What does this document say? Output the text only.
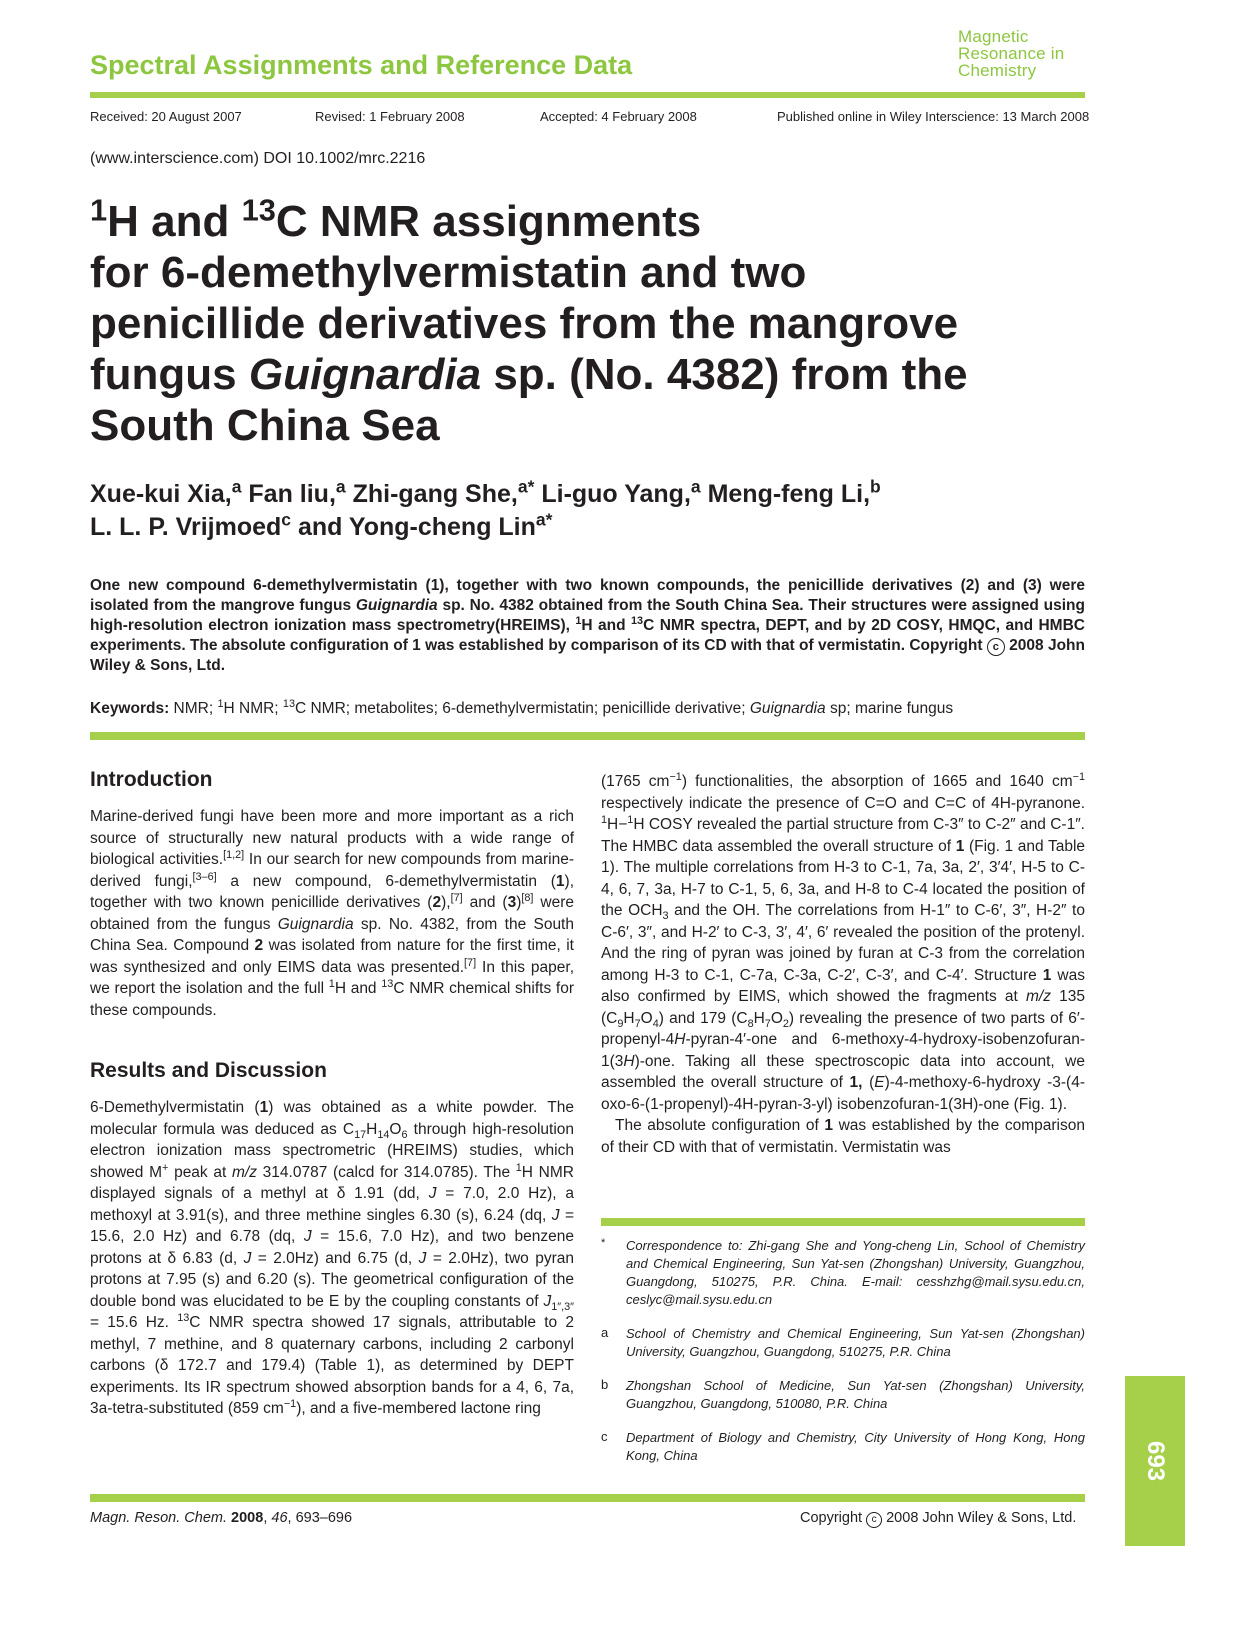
Spectral Assignments and Reference Data
Magnetic
Resonance in
Chemistry
Received: 20 August 2007	Revised: 1 February 2008	Accepted: 4 February 2008	Published online in Wiley Interscience: 13 March 2008
(www.interscience.com) DOI 10.1002/mrc.2216
$^1$H and $^{13}$C NMR assignments
for 6-demethylvermistatin and two
penicillide derivatives from the mangrove
fungus Guignardia sp. (No. 4382) from the
South China Sea
Xue-kui Xia,$^a$ Fan liu,$^a$ Zhi-gang She,$^{a*}$ Li-guo Yang,$^a$ Meng-feng Li,$^b$
L. L. P. Vrijmoed$^c$ and Yong-cheng Lin$^{a*}$
One new compound 6-demethylvermistatin (1), together with two known compounds, the penicillide derivatives (2) and (3) were isolated from the mangrove fungus Guignardia sp. No. 4382 obtained from the South China Sea. Their structures were assigned using high-resolution electron ionization mass spectrometry(HREIMS), $^1$H and $^{13}$C NMR spectra, DEPT, and by 2D COSY, HMQC, and HMBC experiments. The absolute configuration of 1 was established by comparison of its CD with that of vermistatin. Copyright c 2008 John Wiley & Sons, Ltd.
Keywords: NMR; $^1$H NMR; $^{13}$C NMR; metabolites; 6-demethylvermistatin; penicillide derivative; Guignardia sp; marine fungus
Introduction

Marine-derived fungi have been more and more important as a rich source of structurally new natural products with a wide range of biological activities.[1,2] In our search for new compounds from marine-derived fungi,[3–6] a new compound, 6-demethylvermistatin (1), together with two known penicillide derivatives (2),[7] and (3)[8] were obtained from the fungus Guignardia sp. No. 4382, from the South China Sea. Compound 2 was isolated from nature for the first time, it was synthesized and only EIMS data was presented.[7] In this paper, we report the isolation and the full $^1$H and $^{13}$C NMR chemical shifts for these compounds.

Results and Discussion

6-Demethylvermistatin (1) was obtained as a white powder. The molecular formula was deduced as $C_{17}H_{14}O_6$ through high-resolution electron ionization mass spectrometric (HREIMS) studies, which showed M+ peak at m/z 314.0787 (calcd for 314.0785). The $^1$H NMR displayed signals of a methyl at δ 1.91 (dd, J = 7.0, 2.0 Hz), a methoxyl at 3.91(s), and three methine singles 6.30 (s), 6.24 (dq, J = 15.6, 2.0 Hz) and 6.78 (dq, J = 15.6, 7.0 Hz), and two benzene protons at δ 6.83 (d, J = 2.0Hz) and 6.75 (d, J = 2.0Hz), two pyran protons at 7.95 (s) and 6.20 (s). The geometrical configuration of the double bond was elucidated to be E by the coupling constants of $J_{1'',3''} = 15.6$ Hz. $^{13}$C NMR spectra showed 17 signals, attributable to 2 methyl, 7 methine, and 8 quaternary carbons, including 2 carbonyl carbons (δ 172.7 and 179.4) (Table 1), as determined by DEPT experiments. Its IR spectrum showed absorption bands for a 4, 6, 7a, 3a-tetra-substituted (859 $cm^{-1}$), and a five-membered lactone ring

(1765 $cm^{-1}$) functionalities, the absorption of 1665 and 1640 $cm^{-1}$ respectively indicate the presence of C=O and C=C of 4H-pyranone. $^1$H−$^1$H COSY revealed the partial structure from C-3″ to C-2″ and C-1″. The HMBC data assembled the overall structure of 1 (Fig. 1 and Table 1). The multiple correlations from H-3 to C-1, 7a, 3a, 2′, 3′4′, H-5 to C-4, 6, 7, 3a, H-7 to C-1, 5, 6, 3a, and H-8 to C-4 located the position of the $OCH_3$ and the OH. The correlations from H-1″ to C-6′, 3″, H-2″ to C-6′, 3″, and H-2′ to C-3, 3′, 4′, 6′ revealed the position of the protenyl. And the ring of pyran was joined by furan at C-3 from the correlation among H-3 to C-1, C-7a, C-3a, C-2′, C-3′, and C-4′. Structure 1 was also confirmed by EIMS, which showed the fragments at m/z 135 $(C_9H_7O_4)$ and 179 $(C_8H_7O_2)$ revealing the presence of two parts of 6′-propenyl-4H-pyran-4′-one and 6-methoxy-4-hydroxy-isobenzofuran-1(3H)-one. Taking all these spectroscopic data into account, we assembled the overall structure of 1, (E)-4-methoxy-6-hydroxy -3-(4-oxo-6-(1-propenyl)-4H-pyran-3-yl) isobenzofuran-1(3H)-one (Fig. 1).

The absolute configuration of 1 was established by the comparison of their CD with that of vermistatin. Vermistatin was

*	Correspondence to: Zhi-gang She and Yong-cheng Lin, School of Chemistry and Chemical Engineering, Sun Yat-sen (Zhongshan) University, Guangzhou, Guangdong, 510275, P.R. China. E-mail: cesshzhg@mail.sysu.edu.cn, ceslyc@mail.sysu.edu.cn
a	School of Chemistry and Chemical Engineering, Sun Yat-sen (Zhongshan) University, Guangzhou, Guangdong, 510275, P.R. China
b	Zhongshan School of Medicine, Sun Yat-sen (Zhongshan) University, Guangzhou, Guangdong, 510080, P.R. China
c	Department of Biology and Chemistry, City University of Hong Kong, Hong Kong, China	693
Magn. Reson. Chem. 2008, 46, 693–696	Copyright c 2008 John Wiley & Sons, Ltd.
